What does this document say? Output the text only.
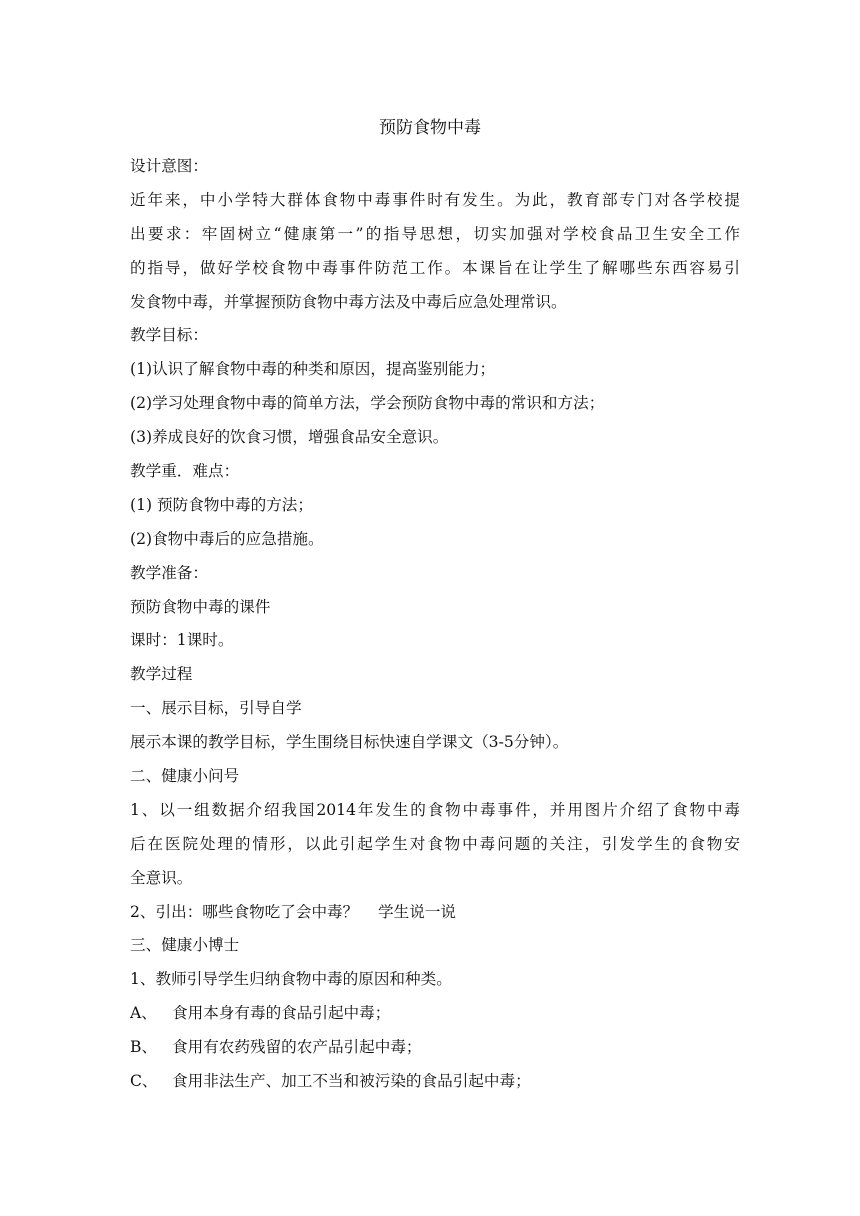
预防食物中毒
设计意图：
近年来，中小学特大群体食物中毒事件时有发生。为此，教育部专门对各学校提
出要求：牢固树立“健康第一”的指导思想，切实加强对学校食品卫生安全工作
的指导，做好学校食物中毒事件防范工作。本课旨在让学生了解哪些东西容易引
发食物中毒，并掌握预防食物中毒方法及中毒后应急处理常识。
教学目标：
(1)认识了解食物中毒的种类和原因，提高鉴别能力；
(2)学习处理食物中毒的简单方法，学会预防食物中毒的常识和方法；
(3)养成良好的饮食习惯，增强食品安全意识。
教学重．难点：
(1) 预防食物中毒的方法；
(2)食物中毒后的应急措施。
教学准备：
预防食物中毒的课件
课时：1课时。
教学过程
一、展示目标，引导自学
展示本课的教学目标，学生围绕目标快速自学课文（3-5分钟）。
二、健康小问号
1、以一组数据介绍我国2014年发生的食物中毒事件，并用图片介绍了食物中毒
后在医院处理的情形，以此引起学生对食物中毒问题的关注，引发学生的食物安
全意识。
2、引出：哪些食物吃了会中毒？    学生说一说
三、健康小博士
1、教师引导学生归纳食物中毒的原因和种类。
A、 食用本身有毒的食品引起中毒；
B、 食用有农药残留的农产品引起中毒；
C、 食用非法生产、加工不当和被污染的食品引起中毒；
